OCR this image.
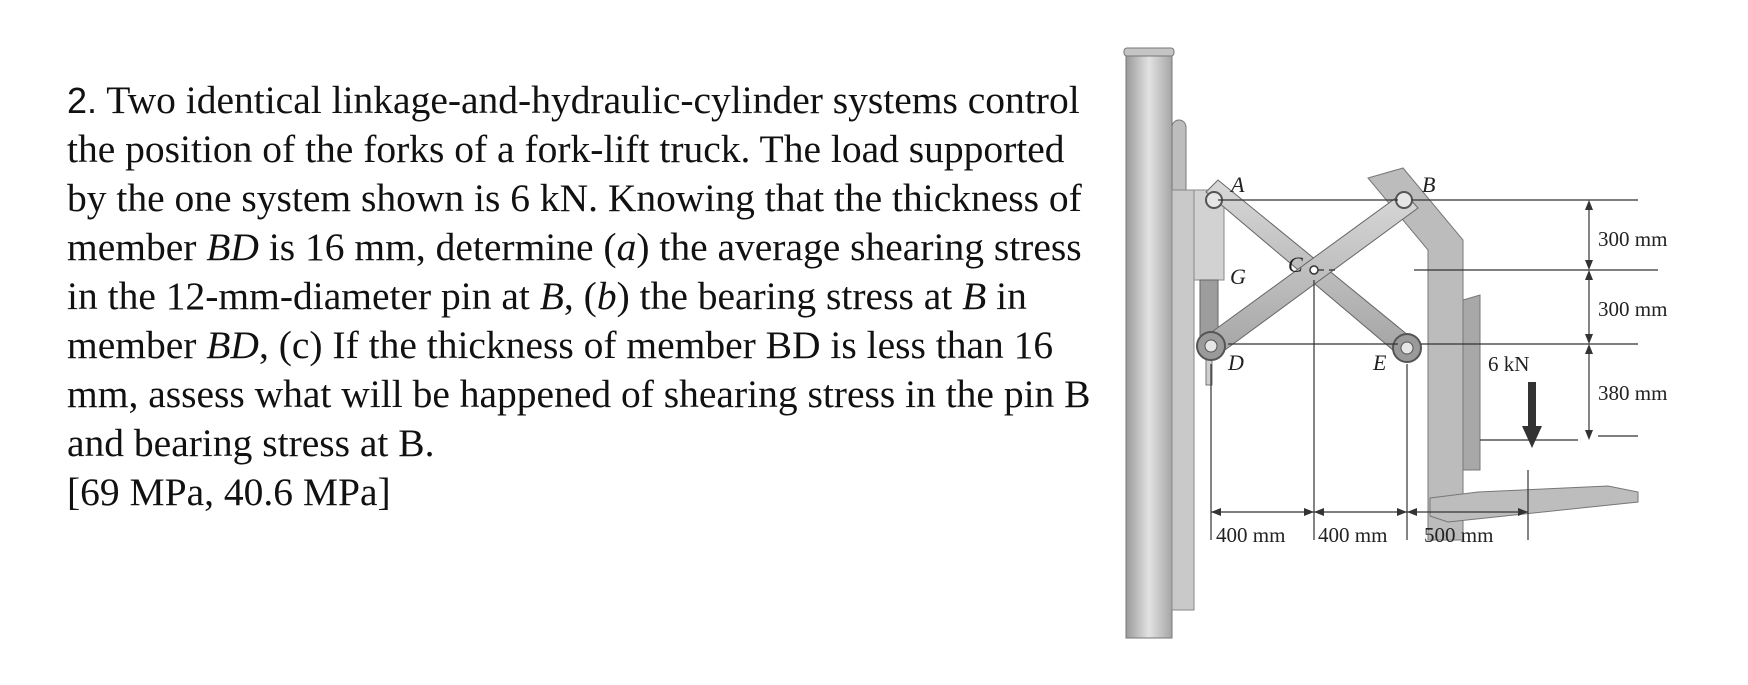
2. Two identical linkage-and-hydraulic-cylinder systems control the position of the forks of a fork-lift truck. The load supported by the one system shown is 6 kN. Knowing that the thickness of member BD is 16 mm, determine (a) the average shearing stress in the 12-mm-diameter pin at B, (b) the bearing stress at B in member BD, (c) If the thickness of member BD is less than 16 mm, assess what will be happened of shearing stress in the pin B and bearing stress at B.

[69 MPa, 40.6 MPa]

A	B
C
D	E
G
6 kN
300 mm
300 mm
380 mm
400 mm 400 mm 500 mm
